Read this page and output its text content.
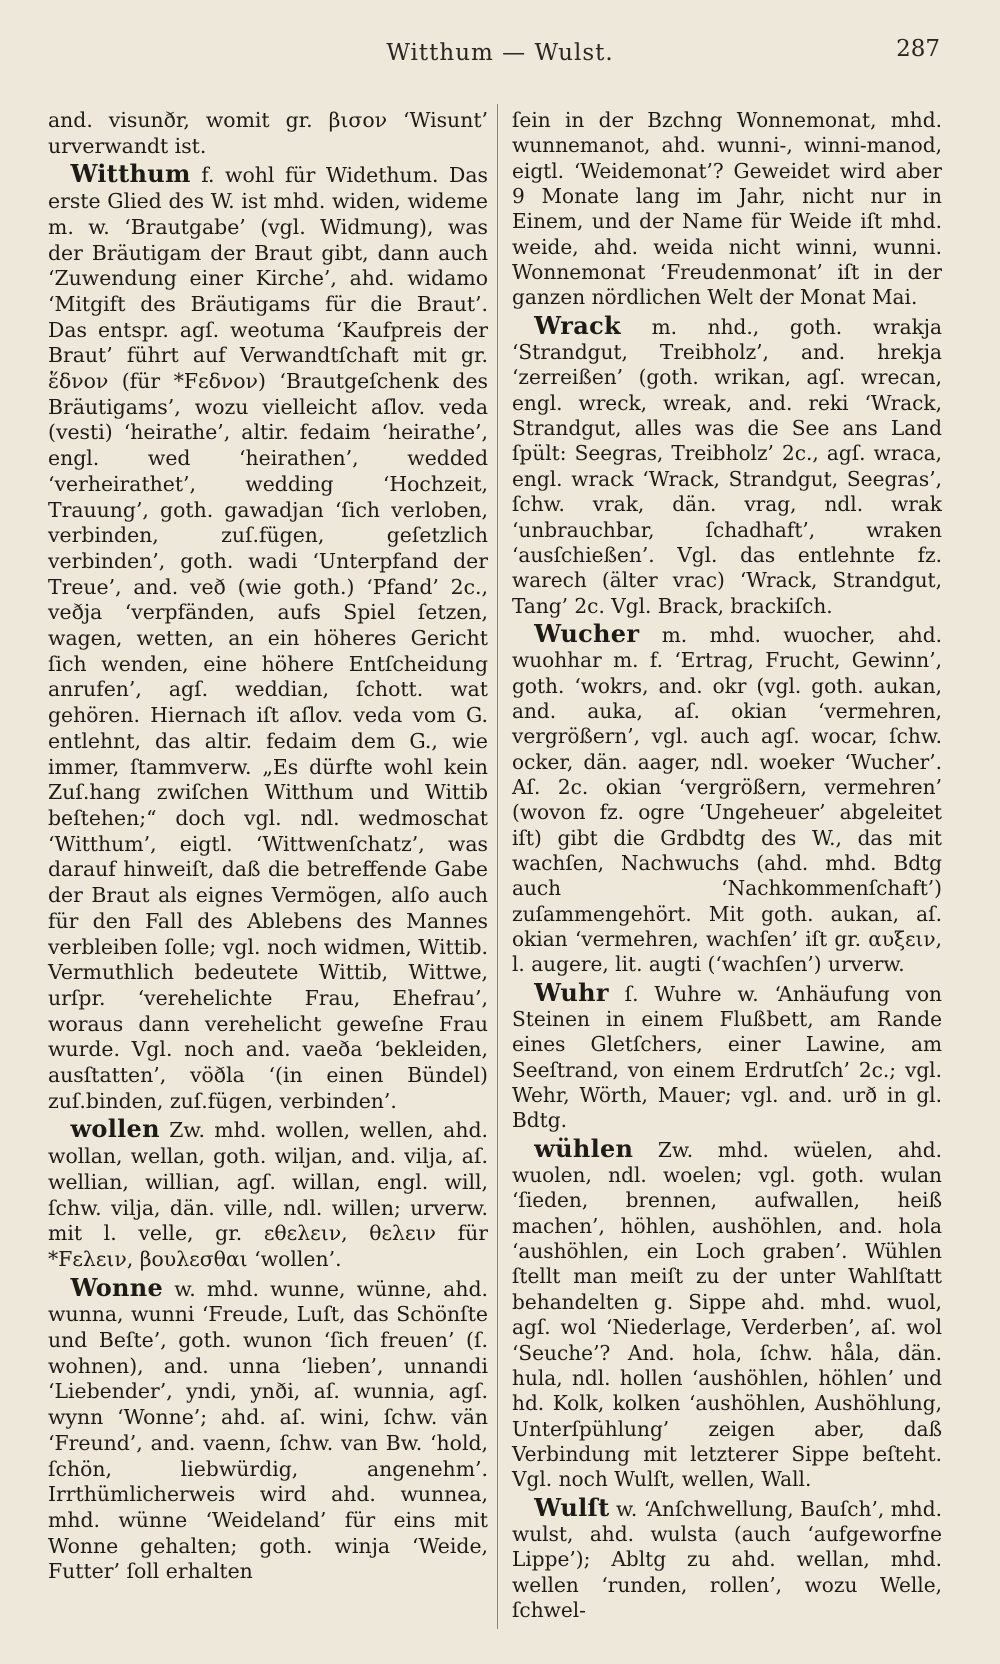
Witthum — Wulst.	287

and. visunðr, womit gr. βισον ‘Wisunt’ urverwandt ist.

Witthum f. wohl für Widethum. Das erste Glied des W. ist mhd. widen, wideme m. w. ‘Brautgabe’ (vgl. Widmung), was der Bräutigam der Braut gibt, dann auch ‘Zuwendung einer Kirche’, ahd. widamo ‘Mitgift des Bräutigams für die Braut’. Das entspr. agſ. weotuma ‘Kaufpreis der Braut’ führt auf Verwandtſchaft mit gr. ἕδνον (für *Fεδνον) ‘Brautgeſchenk des Bräutigams’, wozu vielleicht aſlov. veda (vesti) ‘heirathe’, altir. fedaim ‘heirathe’, engl. wed ‘heirathen’, wedded ‘verheirathet’, wedding ‘Hochzeit, Trauung’, goth. gawadjan ‘ſich verloben, verbinden, zuſ.fügen, geſetzlich verbinden’, goth. wadi ‘Unterpfand der Treue’, and. veð (wie goth.) ‘Pfand’ 2c., veðja ‘verpfänden, aufs Spiel ſetzen, wagen, wetten, an ein höheres Gericht ſich wenden, eine höhere Entſcheidung anrufen’, agſ. weddian, ſchott. wat gehören. Hiernach iſt aſlov. veda vom G. entlehnt, das altir. fedaim dem G., wie immer, ſtammverw. „Es dürfte wohl kein Zuſ.hang zwiſchen Witthum und Wittib beſtehen;“ doch vgl. ndl. wedmoschat ‘Witthum’, eigtl. ‘Wittwenſchatz’, was darauf hinweiſt, daß die betreffende Gabe der Braut als eignes Vermögen, alſo auch für den Fall des Ablebens des Mannes verbleiben ſolle; vgl. noch widmen, Wittib. Vermuthlich bedeutete Wittib, Wittwe, urſpr. ‘verehelichte Frau, Ehefrau’, woraus dann verehelicht geweſne Frau wurde. Vgl. noch and. vaeða ‘bekleiden, ausſtatten’, vöðla ‘(in einen Bündel) zuſ.binden, zuſ.fügen, verbinden’.

wollen Zw. mhd. wollen, wellen, ahd. wollan, wellan, goth. wiljan, and. vilja, aſ. wellian, willian, agſ. willan, engl. will, ſchw. vilja, dän. ville, ndl. willen; urverw. mit l. velle, gr. εθελειν, θελειν für *Fελειν, βουλεσθαι ‘wollen’.

Wonne w. mhd. wunne, wünne, ahd. wunna, wunni ‘Freude, Luſt, das Schönſte und Beſte’, goth. wunon ‘ſich freuen’ (ſ. wohnen), and. unna ‘lieben’, unnandi ‘Liebender’, yndi, ynði, aſ. wunnia, agſ. wynn ‘Wonne’; ahd. aſ. wini, ſchw. vän ‘Freund’, and. vaenn, ſchw. van Bw. ‘hold, ſchön, liebwürdig, angenehm’. Irrthümlicherweis wird ahd. wunnea, mhd. wünne ‘Weideland’ für eins mit Wonne gehalten; goth. winja ‘Weide, Futter’ ſoll erhalten

ſein in der Bzchng Wonnemonat, mhd. wunnemanot, ahd. wunni-, winni-manod, eigtl. ‘Weidemonat’? Geweidet wird aber 9 Monate lang im Jahr, nicht nur in Einem, und der Name für Weide iſt mhd. weide, ahd. weida nicht winni, wunni. Wonnemonat ‘Freudenmonat’ iſt in der ganzen nördlichen Welt der Monat Mai.

Wrack m. nhd., goth. wrakja ‘Strandgut, Treibholz’, and. hrekja ‘zerreißen’ (goth. wrikan, agſ. wrecan, engl. wreck, wreak, and. reki ‘Wrack, Strandgut, alles was die See ans Land ſpült: Seegras, Treibholz’ 2c., agſ. wraca, engl. wrack ‘Wrack, Strandgut, Seegras’, ſchw. vrak, dän. vrag, ndl. wrak ‘unbrauchbar, ſchadhaft’, wraken ‘ausſchießen’. Vgl. das entlehnte fz. warech (älter vrac) ‘Wrack, Strandgut, Tang’ 2c. Vgl. Brack, brackiſch.

Wucher m. mhd. wuocher, ahd. wuohhar m. f. ‘Ertrag, Frucht, Gewinn’, goth. ‘wokrs, and. okr (vgl. goth. aukan, and. auka, aſ. okian ‘vermehren, vergrößern’, vgl. auch agſ. wocar, ſchw. ocker, dän. aager, ndl. woeker ‘Wucher’. Aſ. 2c. okian ‘vergrößern, vermehren’ (wovon fz. ogre ‘Ungeheuer’ abgeleitet iſt) gibt die Grdbdtg des W., das mit wachſen, Nachwuchs (ahd. mhd. Bdtg auch ‘Nachkommenſchaft’) zuſammengehört. Mit goth. aukan, aſ. okian ‘vermehren, wachſen’ iſt gr. αυξειν, l. augere, lit. augti (‘wachſen’) urverw.

Wuhr ſ. Wuhre w. ‘Anhäufung von Steinen in einem Flußbett, am Rande eines Gletſchers, einer Lawine, am Seeſtrand, von einem Erdrutſch’ 2c.; vgl. Wehr, Wörth, Mauer; vgl. and. urð in gl. Bdtg.

wühlen Zw. mhd. wüelen, ahd. wuolen, ndl. woelen; vgl. goth. wulan ‘ſieden, brennen, aufwallen, heiß machen’, höhlen, aushöhlen, and. hola ‘aushöhlen, ein Loch graben’. Wühlen ſtellt man meiſt zu der unter Wahlſtatt behandelten g. Sippe ahd. mhd. wuol, agſ. wol ‘Niederlage, Verderben’, aſ. wol ‘Seuche’? And. hola, ſchw. håla, dän. hula, ndl. hollen ‘aushöhlen, höhlen’ und hd. Kolk, kolken ‘aushöhlen, Aushöhlung, Unterſpühlung’ zeigen aber, daß Verbindung mit letzterer Sippe beſteht. Vgl. noch Wulſt, wellen, Wall.

Wulſt w. ‘Anſchwellung, Bauſch’, mhd. wulst, ahd. wulsta (auch ‘aufgeworfne Lippe’); Abltg zu ahd. wellan, mhd. wellen ‘runden, rollen’, wozu Welle, ſchwel-
